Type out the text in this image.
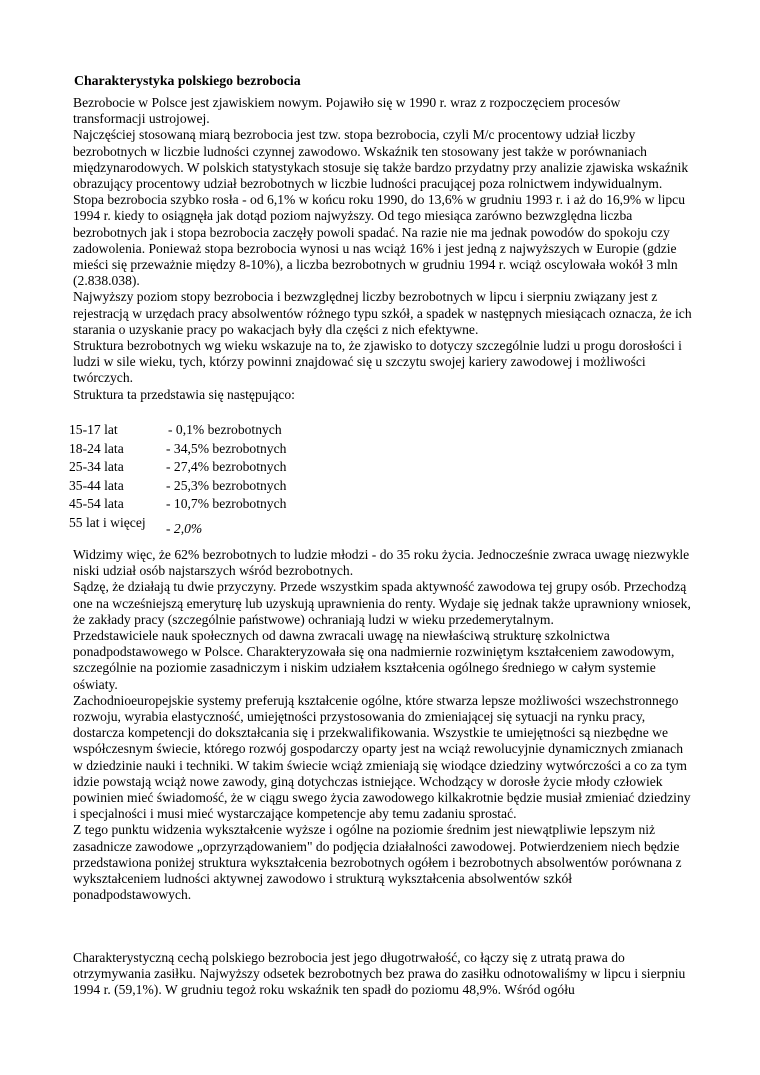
Charakterystyka polskiego bezrobocia

Bezrobocie w Polsce jest zjawiskiem nowym. Pojawiło się w 1990 r. wraz z rozpoczęciem procesów transformacji ustrojowej.

Najczęściej stosowaną miarą bezrobocia jest tzw. stopa bezrobocia, czyli M/c procentowy udział liczby bezrobotnych w liczbie ludności czynnej zawodowo. Wskaźnik ten stosowany jest także w porównaniach międzynarodowych. W polskich statystykach stosuje się także bardzo przydatny przy analizie zjawiska wskaźnik obrazujący procentowy udział bezrobotnych w liczbie ludności pracującej poza rolnictwem indywidualnym.

Stopa bezrobocia szybko rosła - od 6,1% w końcu roku 1990, do 13,6% w grudniu 1993 r. i aż do 16,9% w lipcu 1994 r. kiedy to osiągnęła jak dotąd poziom najwyższy. Od tego miesiąca zarówno bezwzględna liczba bezrobotnych jak i stopa bezrobocia zaczęły powoli spadać. Na razie nie ma jednak powodów do spokoju czy zadowolenia. Ponieważ stopa bezrobocia wynosi u nas wciąż 16% i jest jedną z najwyższych w Europie (gdzie mieści się przeważnie między 8-10%), a liczba bezrobotnych w grudniu 1994 r. wciąż oscylowała wokół 3 mln (2.838.038).

Najwyższy poziom stopy bezrobocia i bezwzględnej liczby bezrobotnych w lipcu i sierpniu związany jest z rejestracją w urzędach pracy absolwentów różnego typu szkół, a spadek w następnych miesiącach oznacza, że ich starania o uzyskanie pracy po wakacjach były dla części z nich efektywne.

Struktura bezrobotnych wg wieku wskazuje na to, że zjawisko to dotyczy szczególnie ludzi u progu dorosłości i ludzi w sile wieku, tych, którzy powinni znajdować się u szczytu swojej kariery zawodowej i możliwości twórczych.

Struktura ta przedstawia się następująco:

15-17 lat	- 0,1% bezrobotnych
18-24 lata	- 34,5% bezrobotnych
25-34 lata	- 27,4% bezrobotnych
35-44 lata	- 25,3% bezrobotnych
45-54 lata	- 10,7% bezrobotnych
55 lat i więcej - 2,0%

Widzimy więc, że 62% bezrobotnych to ludzie młodzi - do 35 roku życia. Jednocześnie zwraca uwagę niezwykle niski udział osób najstarszych wśród bezrobotnych.

Sądzę, że działają tu dwie przyczyny. Przede wszystkim spada aktywność zawodowa tej grupy osób. Przechodzą one na wcześniejszą emeryturę lub uzyskują uprawnienia do renty. Wydaje się jednak także uprawniony wniosek, że zakłady pracy (szczególnie państwowe) ochraniają ludzi w wieku przedemerytalnym.

Przedstawiciele nauk społecznych od dawna zwracali uwagę na niewłaściwą strukturę szkolnictwa ponadpodstawowego w Polsce. Charakteryzowała się ona nadmiernie rozwiniętym kształceniem zawodowym, szczególnie na poziomie zasadniczym i niskim udziałem kształcenia ogólnego średniego w całym systemie oświaty.

Zachodnioeuropejskie systemy preferują kształcenie ogólne, które stwarza lepsze możliwości wszechstronnego rozwoju, wyrabia elastyczność, umiejętności przystosowania do zmieniającej się sytuacji na rynku pracy, dostarcza kompetencji do dokształcania się i przekwalifikowania. Wszystkie te umiejętności są niezbędne we współczesnym świecie, którego rozwój gospodarczy oparty jest na wciąż rewolucyjnie dynamicznych zmianach w dziedzinie nauki i techniki. W takim świecie wciąż zmieniają się wiodące dziedziny wytwórczości a co za tym idzie powstają wciąż nowe zawody, giną dotychczas istniejące. Wchodzący w dorosłe życie młody człowiek powinien mieć świadomość, że w ciągu swego życia zawodowego kilkakrotnie będzie musiał zmieniać dziedziny i specjalności i musi mieć wystarczające kompetencje aby temu zadaniu sprostać.

Z tego punktu widzenia wykształcenie wyższe i ogólne na poziomie średnim jest niewątpliwie lepszym niż zasadnicze zawodowe „oprzyrządowaniem" do podjęcia działalności zawodowej. Potwierdzeniem niech będzie przedstawiona poniżej struktura wykształcenia bezrobotnych ogółem i bezrobotnych absolwentów porównana z wykształceniem ludności aktywnej zawodowo i strukturą wykształcenia absolwentów szkół ponadpodstawowych.

Charakterystyczną cechą polskiego bezrobocia jest jego długotrwałość, co łączy się z utratą prawa do otrzymywania zasiłku. Najwyższy odsetek bezrobotnych bez prawa do zasiłku odnotowaliśmy w lipcu i sierpniu 1994 r. (59,1%). W grudniu tegoż roku wskaźnik ten spadł do poziomu 48,9%. Wśród ogółu
